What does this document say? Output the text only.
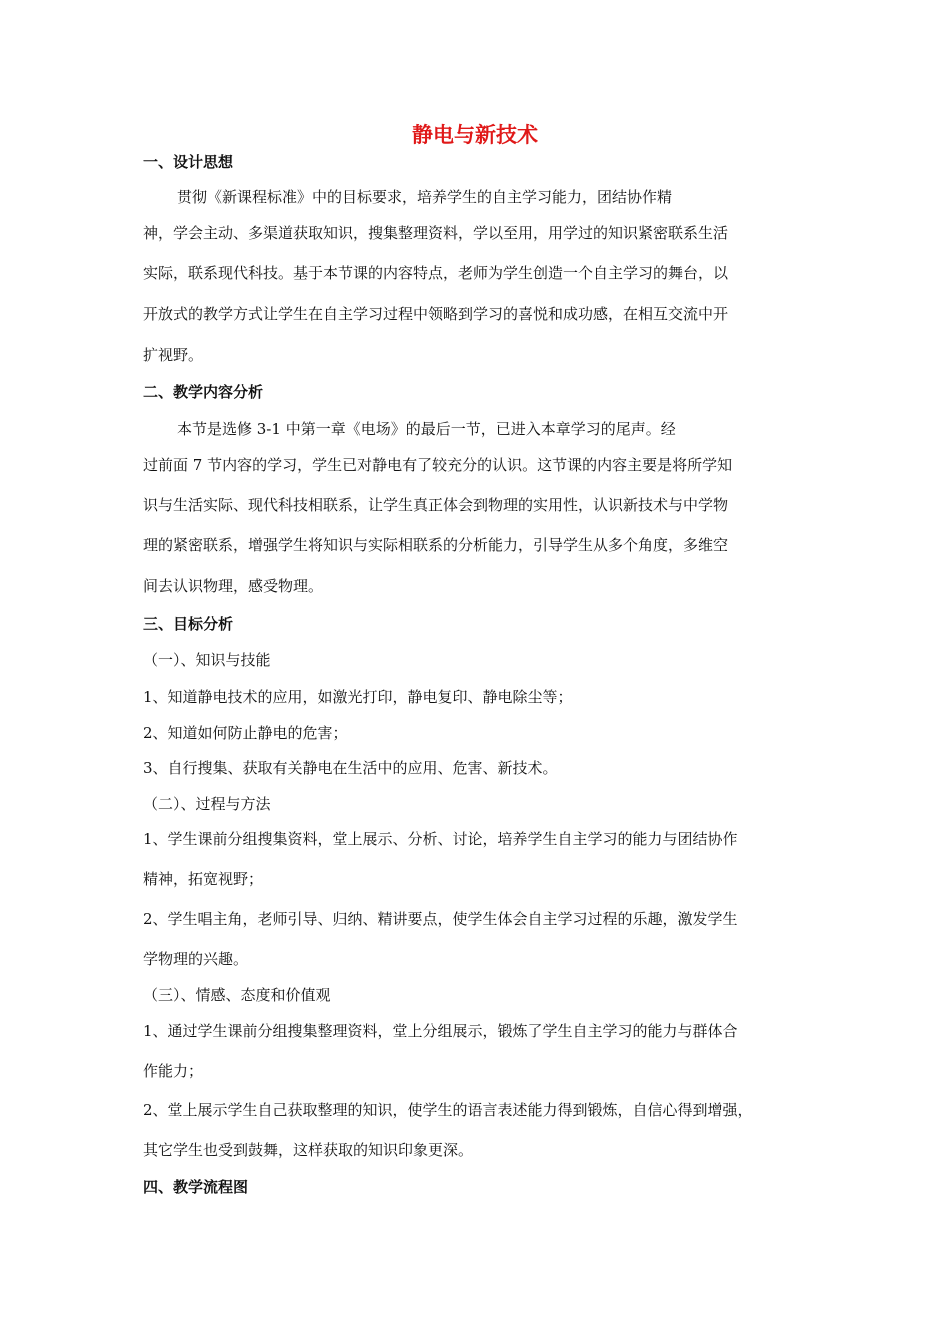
静电与新技术
一、设计思想
贯彻《新课程标准》中的目标要求，培养学生的自主学习能力，团结协作精
神，学会主动、多渠道获取知识，搜集整理资料，学以至用，用学过的知识紧密联系生活
实际，联系现代科技。基于本节课的内容特点，老师为学生创造一个自主学习的舞台，以
开放式的教学方式让学生在自主学习过程中领略到学习的喜悦和成功感，在相互交流中开
扩视野。
二、教学内容分析
本节是选修 3-1 中第一章《电场》的最后一节，已进入本章学习的尾声。经
过前面 7 节内容的学习，学生已对静电有了较充分的认识。这节课的内容主要是将所学知
识与生活实际、现代科技相联系，让学生真正体会到物理的实用性，认识新技术与中学物
理的紧密联系，增强学生将知识与实际相联系的分析能力，引导学生从多个角度，多维空
间去认识物理，感受物理。
三、目标分析
（一）、知识与技能
1、知道静电技术的应用，如激光打印，静电复印、静电除尘等；
2、知道如何防止静电的危害；
3、自行搜集、获取有关静电在生活中的应用、危害、新技术。
（二）、过程与方法
1、学生课前分组搜集资料，堂上展示、分析、讨论，培养学生自主学习的能力与团结协作
精神，拓宽视野；
2、学生唱主角，老师引导、归纳、精讲要点，使学生体会自主学习过程的乐趣，激发学生
学物理的兴趣。
（三）、情感、态度和价值观
1、通过学生课前分组搜集整理资料，堂上分组展示，锻炼了学生自主学习的能力与群体合
作能力；
2、堂上展示学生自己获取整理的知识，使学生的语言表述能力得到锻炼，自信心得到增强，
其它学生也受到鼓舞，这样获取的知识印象更深。
四、教学流程图
